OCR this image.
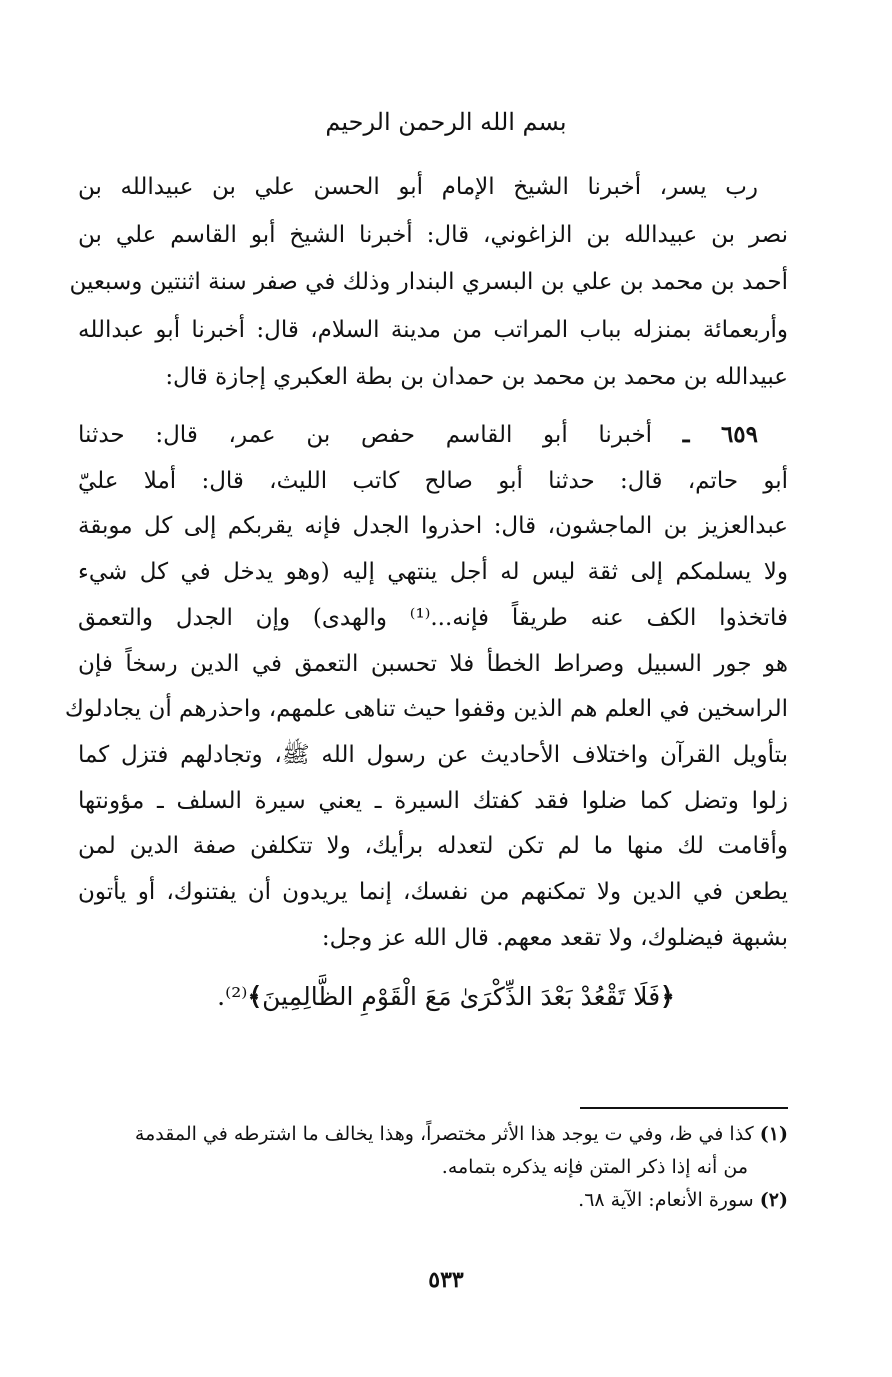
بسم الله الرحمن الرحيم
رب يسر، أخبرنا الشيخ الإمام أبو الحسن علي بن عبيدالله بن
نصر بن عبيدالله بن الزاغوني، قال: أخبرنا الشيخ أبو القاسم علي بن
أحمد بن محمد بن علي بن البسري البندار وذلك في صفر سنة اثنتين وسبعين
وأربعمائة بمنزله بباب المراتب من مدينة السلام، قال: أخبرنا أبو عبدالله
عبيدالله بن محمد بن محمد بن حمدان بن بطة العكبري إجازة قال:
٦٥٩ ـ أخبرنا أبو القاسم حفص بن عمر، قال: حدثنا
أبو حاتم، قال: حدثنا أبو صالح كاتب الليث، قال: أملا عليّ
عبدالعزيز بن الماجشون، قال: احذروا الجدل فإنه يقربكم إلى كل موبقة
ولا يسلمكم إلى ثقة ليس له أجل ينتهي إليه (وهو يدخل في كل شيء
فاتخذوا الكف عنه طريقاً فإنه...⁽¹⁾ والهدى) وإن الجدل والتعمق
هو جور السبيل وصراط الخطأ فلا تحسبن التعمق في الدين رسخاً فإن
الراسخين في العلم هم الذين وقفوا حيث تناهى علمهم، واحذرهم أن يجادلوك
بتأويل القرآن واختلاف الأحاديث عن رسول الله ﷺ، وتجادلهم فتزل كما
زلوا وتضل كما ضلوا فقد كفتك السيرة ـ يعني سيرة السلف ـ مؤونتها
وأقامت لك منها ما لم تكن لتعدله برأيك، ولا تتكلفن صفة الدين لمن
يطعن في الدين ولا تمكنهم من نفسك، إنما يريدون أن يفتنوك، أو يأتون
بشبهة فيضلوك، ولا تقعد معهم. قال الله عز وجل:
﴿فَلَا تَقْعُدْ بَعْدَ الذِّكْرَىٰ مَعَ الْقَوْمِ الظَّالِمِينَ﴾⁽²⁾.
(١) كذا في ظ، وفي ت يوجد هذا الأثر مختصراً، وهذا يخالف ما اشترطه في المقدمة
من أنه إذا ذكر المتن فإنه يذكره بتمامه.
(٢) سورة الأنعام: الآية ٦٨.
٥٣٣
